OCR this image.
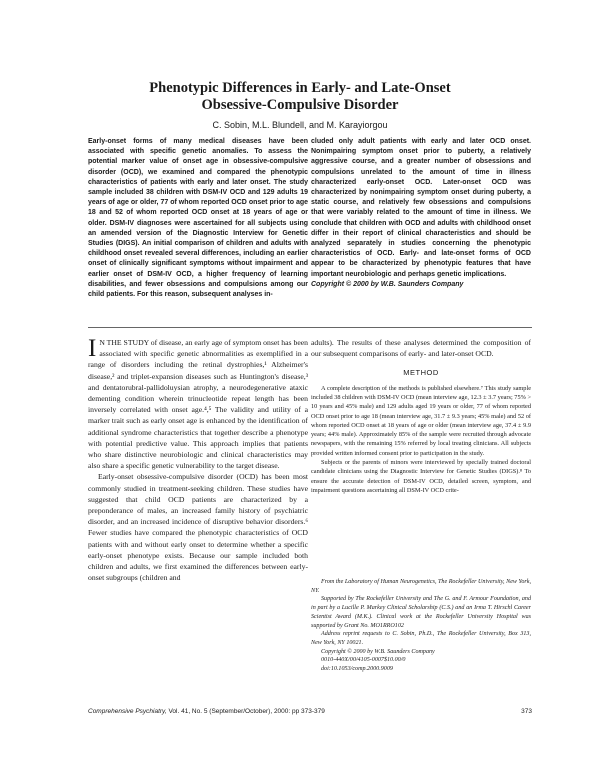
Phenotypic Differences in Early- and Late-Onset
Obsessive-Compulsive Disorder
C. Sobin, M.L. Blundell, and M. Karayiorgou

Early-onset forms of many medical diseases have been associated with specific genetic anomalies. To assess the potential marker value of onset age in obsessive-compulsive disorder (OCD), we examined and compared the phenotypic characteristics of patients with early and later onset. The study sample included 38 children with DSM-IV OCD and 129 adults 19 years of age or older, 77 of whom reported OCD onset prior to age 18 and 52 of whom reported OCD onset at 18 years of age or older. DSM-IV diagnoses were ascertained for all subjects using an amended version of the Diagnostic Interview for Genetic Studies (DIGS). An initial comparison of children and adults with childhood onset revealed several differences, including an earlier onset of clinically significant symptoms without impairment and earlier onset of DSM-IV OCD, a higher frequency of learning disabilities, and fewer obsessions and compulsions among our child patients. For this reason, subsequent analyses in-

cluded only adult patients with early and later OCD onset. Nonimpairing symptom onset prior to puberty, a relatively aggressive course, and a greater number of obsessions and compulsions unrelated to the amount of time in illness characterized early-onset OCD. Later-onset OCD was characterized by nonimpairing symptom onset during puberty, a static course, and relatively few obsessions and compulsions that were variably related to the amount of time in illness. We conclude that children with OCD and adults with childhood onset differ in their report of clinical characteristics and should be analyzed separately in studies concerning the phenotypic characteristics of OCD. Early- and late-onset forms of OCD appear to be characterized by phenotypic features that have important neurobiologic and perhaps genetic implications.

Copyright © 2000 by W.B. Saunders Company

I N THE STUDY of disease, an early age of symptom onset has been associated with specific genetic abnormalities as exemplified in a range of disorders including the retinal dystrophies,¹ Alzheimer's disease,² and triplet-expansion diseases such as Huntington's disease,³ and dentatorubral-pallidoluysian atrophy, a neurodegenerative ataxic dementing condition wherein trinucleotide repeat length has been inversely correlated with onset age.⁴,⁵ The validity and utility of a marker trait such as early onset age is enhanced by the identification of additional syndrome characteristics that together describe a phenotype with potential predictive value. This approach implies that patients who share distinctive neurobiologic and clinical characteristics may also share a specific genetic vulnerability to the target disease.

Early-onset obsessive-compulsive disorder (OCD) has been most commonly studied in treatment-seeking children. These studies have suggested that child OCD patients are characterized by a preponderance of males, an increased family history of psychiatric disorder, and an increased incidence of disruptive behavior disorders.⁶ Fewer studies have compared the phenotypic characteristics of OCD patients with and without early onset to determine whether a specific early-onset phenotype exists. Because our sample included both children and adults, we first examined the differences between early-onset subgroups (children and

adults). The results of these analyses determined the composition of our subsequent comparisons of early- and later-onset OCD.

METHOD

A complete description of the methods is published elsewhere.⁷ This study sample included 38 children with DSM-IV OCD (mean interview age, 12.3 ± 3.7 years; 75% > 10 years and 45% male) and 129 adults aged 19 years or older, 77 of whom reported OCD onset prior to age 18 (mean interview age, 31.7 ± 9.3 years; 45% male) and 52 of whom reported OCD onset at 18 years of age or older (mean interview age, 37.4 ± 9.9 years; 44% male). Approximately 85% of the sample were recruited through advocate newspapers, with the remaining 15% referred by local treating clinicians. All subjects provided written informed consent prior to participation in the study.

Subjects or the parents of minors were interviewed by specially trained doctoral candidate clinicians using the Diagnostic Interview for Genetic Studies (DIGS).⁸ To ensure the accurate detection of DSM-IV OCD, detailed screen, symptom, and impairment questions ascertaining all DSM-IV OCD crite-

From the Laboratory of Human Neurogenetics, The Rockefeller University, New York, NY.

Supported by The Rockefeller University and The G. and F. Armour Foundation, and in part by a Lucille P. Markey Clinical Scholarship (C.S.) and an Irma T. Hirschl Career Scientist Award (M.K.). Clinical work at the Rockefeller University Hospital was supported by Grant No. MO1RRO102

Address reprint requests to C. Sobin, Ph.D., The Rockefeller University, Box 313, New York, NY 10021.

Copyright © 2000 by W.B. Saunders Company

0010-440X/00/4105-0007$10.00/0

doi:10.1053/comp.2000.9009

Comprehensive Psychiatry, Vol. 41, No. 5 (September/October), 2000: pp 373-379	373
